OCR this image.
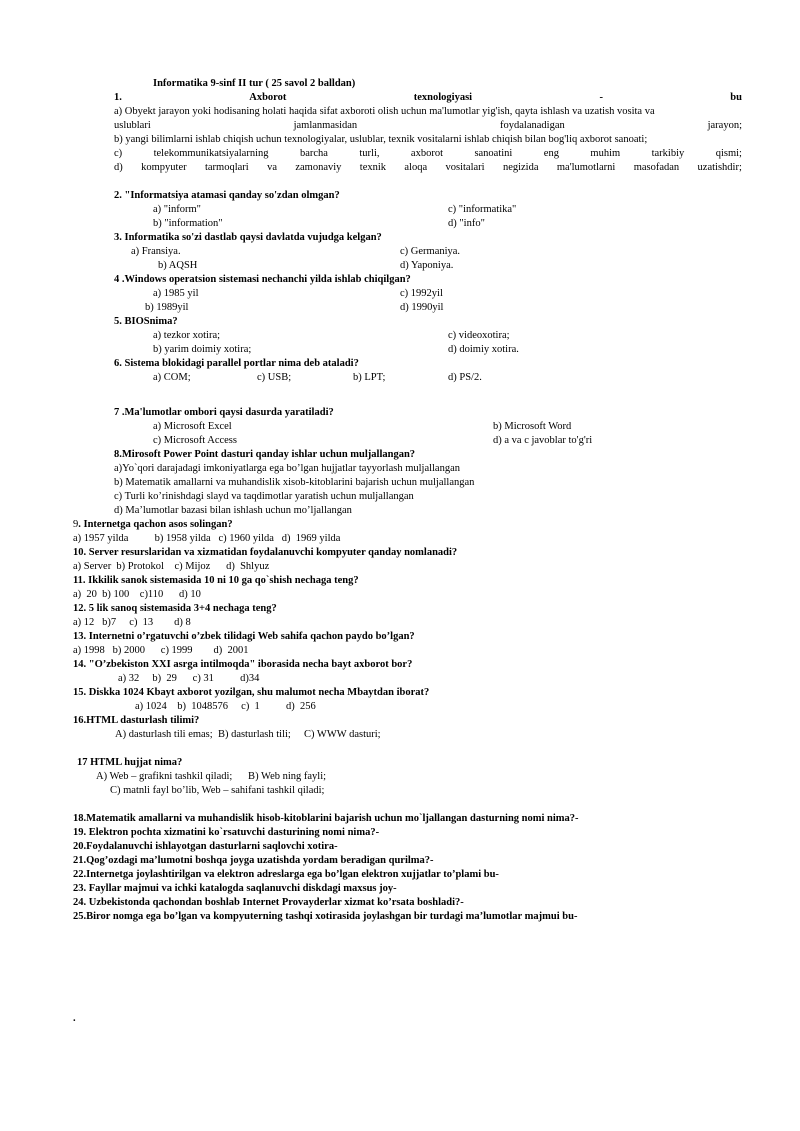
Informatika 9-sinf II tur ( 25 savol 2 balldan)
1.	Axborot	texnologiyasi	-	bu
a) Obyekt jarayon yoki hodisaning holati haqida sifat axboroti olish uchun ma'lumotlar yig'ish, qayta ishlash va uzatish vosita va
uslublari	jamlanmasidan	foydalanadigan	jarayon;
b) yangi bilimlarni ishlab chiqish uchun texnologiyalar, uslublar, texnik vositalarni ishlab chiqish bilan bog'liq axborot sanoati;
c)	telekommunikatsiyalarning	barcha	turli,	axborot	sanoatini	eng	muhim	tarkibiy	qismi;
d) kompyuter tarmoqlari va zamonaviy texnik aloqa vositalari negizida ma'lumotlarni masofadan uzatishdir;
2. "Informatsiya atamasi qanday so'zdan olmgan?
a) "inform"	c) "informatika"
b) "information"	d) "info"
3. Informatika so'zi dastlab qaysi davlatda vujudga kelgan?
a) Fransiya.	c) Germaniya.
b) AQSH	d) Yaponiya.
4 .Windows operatsion sistemasi nechanchi yilda ishlab chiqilgan?
a) 1985 yil	c) 1992yil
b) 1989yil	d) 1990yil
5. BIOSnima?
a) tezkor xotira;	c) videoxotira;
b) yarim doimiy xotira;	d) doimiy xotira.
6. Sistema blokidagi parallel portlar nima deb ataladi?
a) COM;	c) USB;	b) LPT;	d) PS/2.
7 .Ma'lumotlar ombori qaysi dasurda yaratiladi?
a) Microsoft Excel	b) Microsoft Word
c) Microsoft Access	d) a va c javoblar to'g'ri
8.Mirosoft Power Point dasturi qanday ishlar uchun muljallangan?
a)Yo`qori darajadagi imkoniyatlarga ega bo’lgan hujjatlar tayyorlash muljallangan
b) Matematik amallarni va muhandislik xisob-kitoblarini bajarish uchun muljallangan
c) Turli ko’rinishdagi slayd va taqdimotlar yaratish uchun muljallangan
d) Ma’lumotlar bazasi bilan ishlash uchun mo’ljallangan
9. Internetga qachon asos solingan?
a) 1957 yilda          b) 1958 yilda   c) 1960 yilda   d)  1969 yilda
10. Server resurslaridan va xizmatidan foydalanuvchi kompyuter qanday nomlanadi?
a) Server  b) Protokol    c) Mijoz      d)  Shlyuz
11. Ikkilik sanok sistemasida 10 ni 10 ga qo`shish nechaga teng?
a)  20  b) 100    c)110      d) 10
12. 5 lik sanoq sistemasida 3+4 nechaga teng?
a) 12   b)7     c)  13        d) 8
13. Internetni o’rgatuvchi o’zbek tilidagi Web sahifa qachon paydo bo’lgan?
a) 1998   b) 2000      c) 1999        d)  2001
14. "O’zbekiston XXI asrga intilmoqda" iborasida necha bayt axborot bor?
a) 32     b)  29      c) 31          d)34
15. Diskka 1024 Kbayt axborot yozilgan, shu malumot necha Mbaytdan iborat?
a) 1024    b)  1048576     c)  1          d)  256
16.HTML dasturlash tilimi?
A) dasturlash tili emas;  B) dasturlash tili;     C) WWW dasturi;
17 HTML hujjat nima?
A) Web – grafikni tashkil qiladi;      B) Web ning fayli;
C) matnli fayl bo’lib, Web – sahifani tashkil qiladi;
18.Matematik amallarni va muhandislik hisob-kitoblarini bajarish uchun mo`ljallangan dasturning nomi nima?-
19. Elektron pochta xizmatini ko`rsatuvchi dasturining nomi nima?-
20.Foydalanuvchi ishlayotgan dasturlarni saqlovchi xotira-
21.Qog’ozdagi ma’lumotni boshqa joyga uzatishda yordam beradigan qurilma?-
22.Internetga joylashtirilgan va elektron adreslarga ega bo’lgan elektron xujjatlar to’plami bu-
23. Fayllar majmui va ichki katalogda saqlanuvchi diskdagi maxsus joy-
24. Uzbekistonda qachondan boshlab Internet Provayderlar xizmat ko’rsata boshladi?-
25.Biror nomga ega bo’lgan va kompyuterning tashqi xotirasida joylashgan bir turdagi ma’lumotlar majmui bu-
.
